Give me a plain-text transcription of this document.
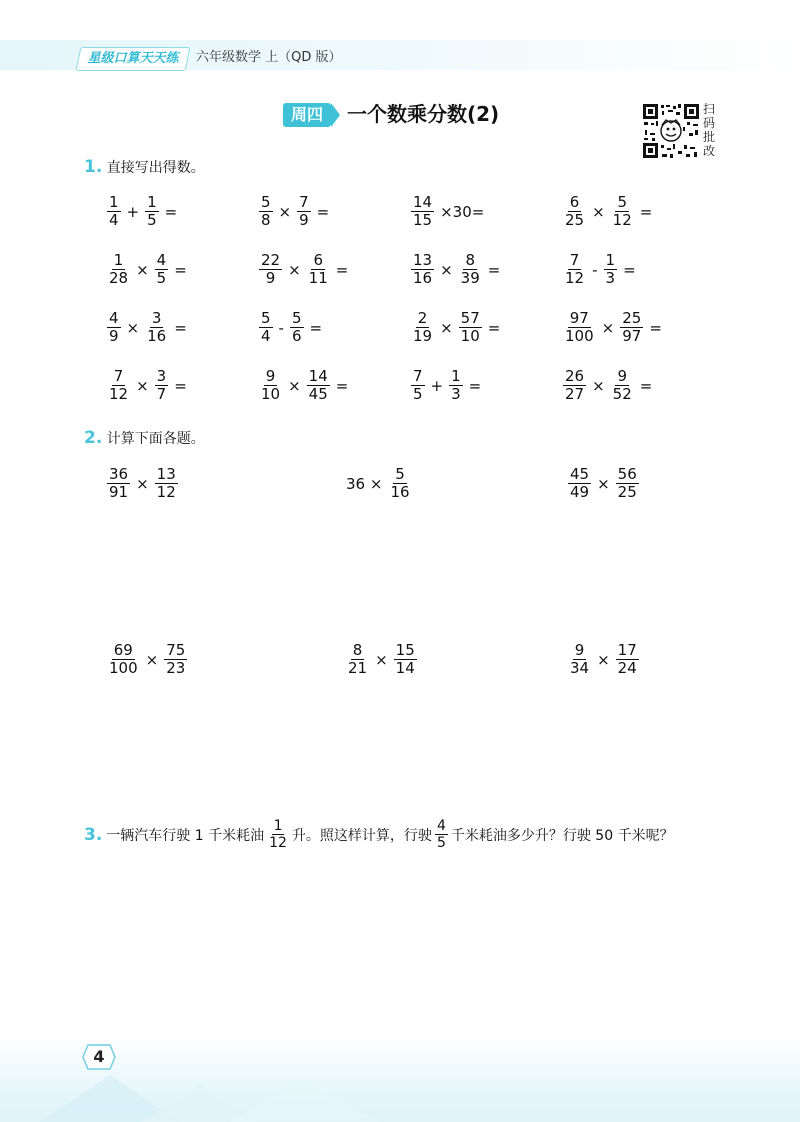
星级口算天天练	六年级数学 上（QD 版）
周四	一个数乘分数(2)	扫
码
批
改
1. 直接写出得数。
$\frac{1}{4} + \frac{1}{5}$ =	$\frac{5}{8} \times \frac{7}{9}$ =	$\frac{14}{15} \times 30=$	$\frac{6}{25} \times \frac{5}{12}$ =
$\frac{1}{28} \times \frac{4}{5}$ =	$\frac{22}{9} \times \frac{6}{11}$ =	$\frac{13}{16} \times \frac{8}{39}$ =	$\frac{7}{12} - \frac{1}{3}$ =
$\frac{4}{9} \times \frac{3}{16}$ =	$\frac{5}{4} - \frac{5}{6}$ =	$\frac{2}{19} \times \frac{57}{10}$ =	$\frac{97}{100} \times \frac{25}{97}$ =
$\frac{7}{12} \times \frac{3}{7}$ =	$\frac{9}{10} \times \frac{14}{45}$ =	$\frac{7}{5} + \frac{1}{3}$ =	$\frac{26}{27} \times \frac{9}{52}$ =
2. 计算下面各题。
$\frac{36}{91} \times \frac{13}{12}$	$36 \times \frac{5}{16}$	$\frac{45}{49} \times \frac{56}{25}$
$\frac{69}{100} \times \frac{75}{23}$	$\frac{8}{21} \times \frac{15}{14}$	$\frac{9}{34} \times \frac{17}{24}$
3. 一辆汽车行驶 1 千米耗油 $\frac{1}{12}$ 升。照这样计算，行驶 $\frac{4}{5}$ 千米耗油多少升？行驶 50 千米呢？
4
